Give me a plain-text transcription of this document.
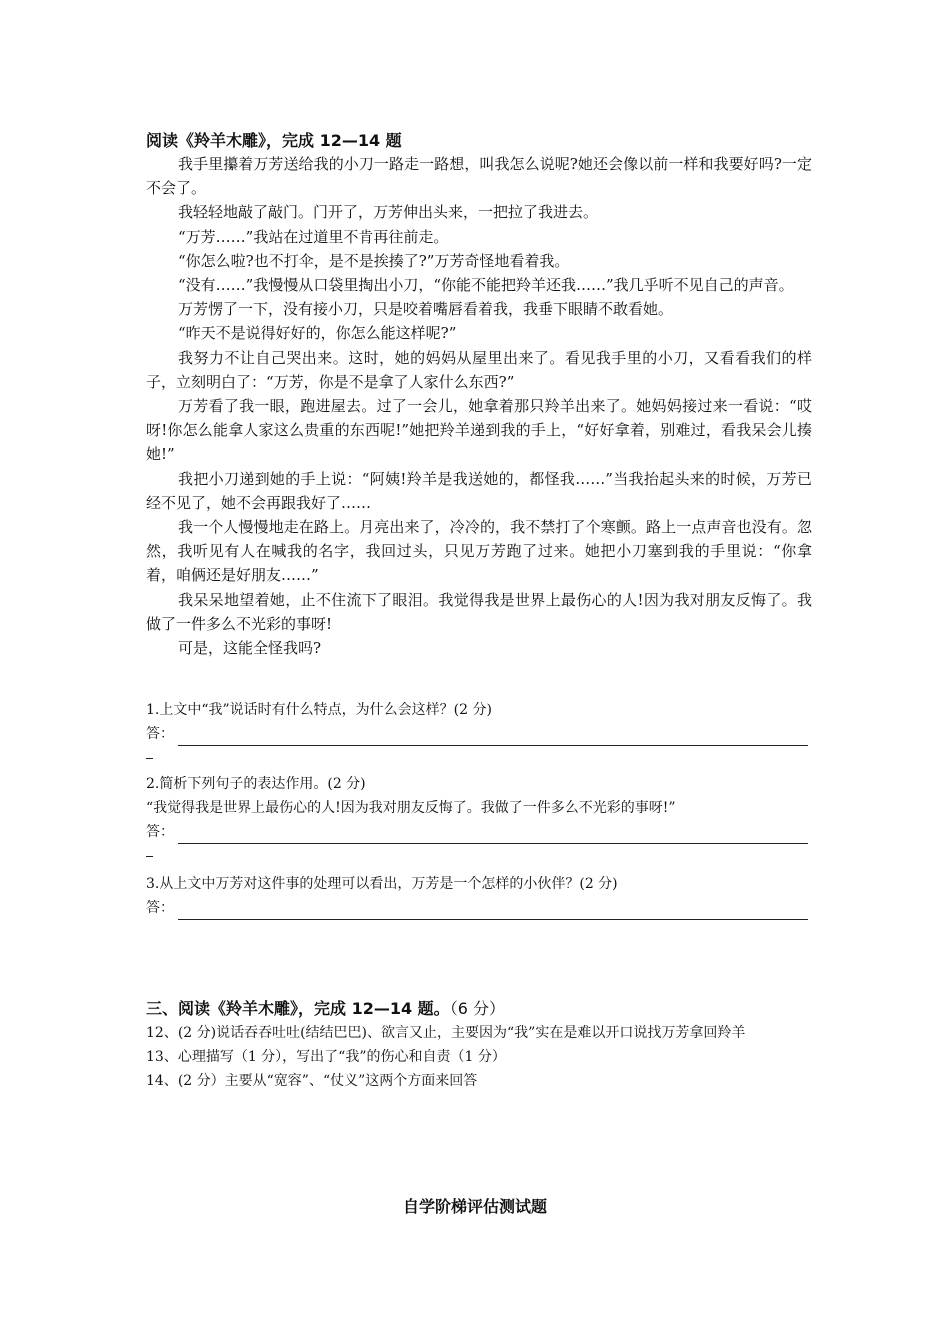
阅读《羚羊木雕》，完成 12—14 题

我手里攥着万芳送给我的小刀一路走一路想，叫我怎么说呢?她还会像以前一样和我要好吗?一定不会了。

我轻轻地敲了敲门。门开了，万芳伸出头来，一把拉了我进去。

“万芳……”我站在过道里不肯再往前走。

“你怎么啦?也不打伞，是不是挨揍了?”万芳奇怪地看着我。

“没有……”我慢慢从口袋里掏出小刀，“你能不能把羚羊还我……”我几乎听不见自己的声音。

万芳愣了一下，没有接小刀，只是咬着嘴唇看着我，我垂下眼睛不敢看她。

“昨天不是说得好好的，你怎么能这样呢?”

我努力不让自己哭出来。这时，她的妈妈从屋里出来了。看见我手里的小刀，又看看我们的样子，立刻明白了：“万芳，你是不是拿了人家什么东西?”

万芳看了我一眼，跑进屋去。过了一会儿，她拿着那只羚羊出来了。她妈妈接过来一看说：“哎呀!你怎么能拿人家这么贵重的东西呢!”她把羚羊递到我的手上，“好好拿着，别难过，看我呆会儿揍她!”

我把小刀递到她的手上说：“阿姨!羚羊是我送她的，都怪我……”当我抬起头来的时候，万芳已经不见了，她不会再跟我好了……

我一个人慢慢地走在路上。月亮出来了，冷冷的，我不禁打了个寒颤。路上一点声音也没有。忽然，我听见有人在喊我的名字，我回过头，只见万芳跑了过来。她把小刀塞到我的手里说：“你拿着，咱俩还是好朋友……”

我呆呆地望着她，止不住流下了眼泪。我觉得我是世界上最伤心的人!因为我对朋友反悔了。我做了一件多么不光彩的事呀!

可是，这能全怪我吗?

1.上文中“我”说话时有什么特点，为什么会这样？(2 分)

答：

2.简析下列句子的表达作用。(2 分)

“我觉得我是世界上最伤心的人!因为我对朋友反悔了。我做了一件多么不光彩的事呀!”

答：

3.从上文中万芳对这件事的处理可以看出，万芳是一个怎样的小伙伴？(2 分)

答：
三、阅读《羚羊木雕》，完成 12—14 题。（6 分）

12、(2 分)说话吞吞吐吐(结结巴巴)、欲言又止，主要因为“我”实在是难以开口说找万芳拿回羚羊

13、心理描写（1 分），写出了“我”的伤心和自责（1 分）

14、(2 分）主要从“宽容”、“仗义”这两个方面来回答

自学阶梯评估测试题
